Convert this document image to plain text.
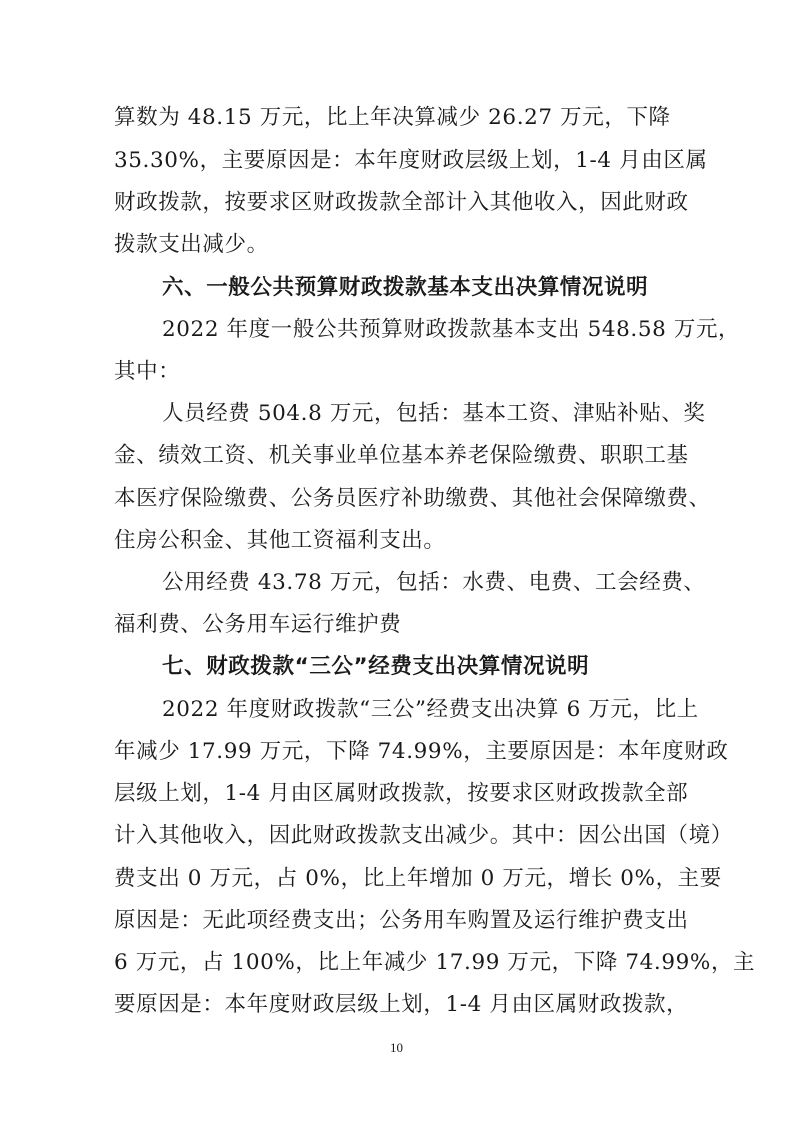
算数为 48.15 万元，比上年决算减少 26.27 万元，下降
35.30%，主要原因是：本年度财政层级上划，1-4 月由区属
财政拨款，按要求区财政拨款全部计入其他收入，因此财政
拨款支出减少。
六、一般公共预算财政拨款基本支出决算情况说明
2022 年度一般公共预算财政拨款基本支出 548.58 万元，
其中：
人员经费 504.8 万元，包括：基本工资、津贴补贴、奖
金、绩效工资、机关事业单位基本养老保险缴费、职职工基
本医疗保险缴费、公务员医疗补助缴费、其他社会保障缴费、
住房公积金、其他工资福利支出。
公用经费 43.78 万元，包括：水费、电费、工会经费、
福利费、公务用车运行维护费
七、财政拨款“三公”经费支出决算情况说明
2022 年度财政拨款“三公”经费支出决算 6 万元，比上
年减少 17.99 万元，下降 74.99%，主要原因是：本年度财政
层级上划，1-4 月由区属财政拨款，按要求区财政拨款全部
计入其他收入，因此财政拨款支出减少。其中：因公出国（境）
费支出 0 万元，占 0%，比上年增加 0 万元，增长 0%，主要
原因是：无此项经费支出；公务用车购置及运行维护费支出
6 万元，占 100%，比上年减少 17.99 万元，下降 74.99%，主
要原因是：本年度财政层级上划，1-4 月由区属财政拨款，
10
